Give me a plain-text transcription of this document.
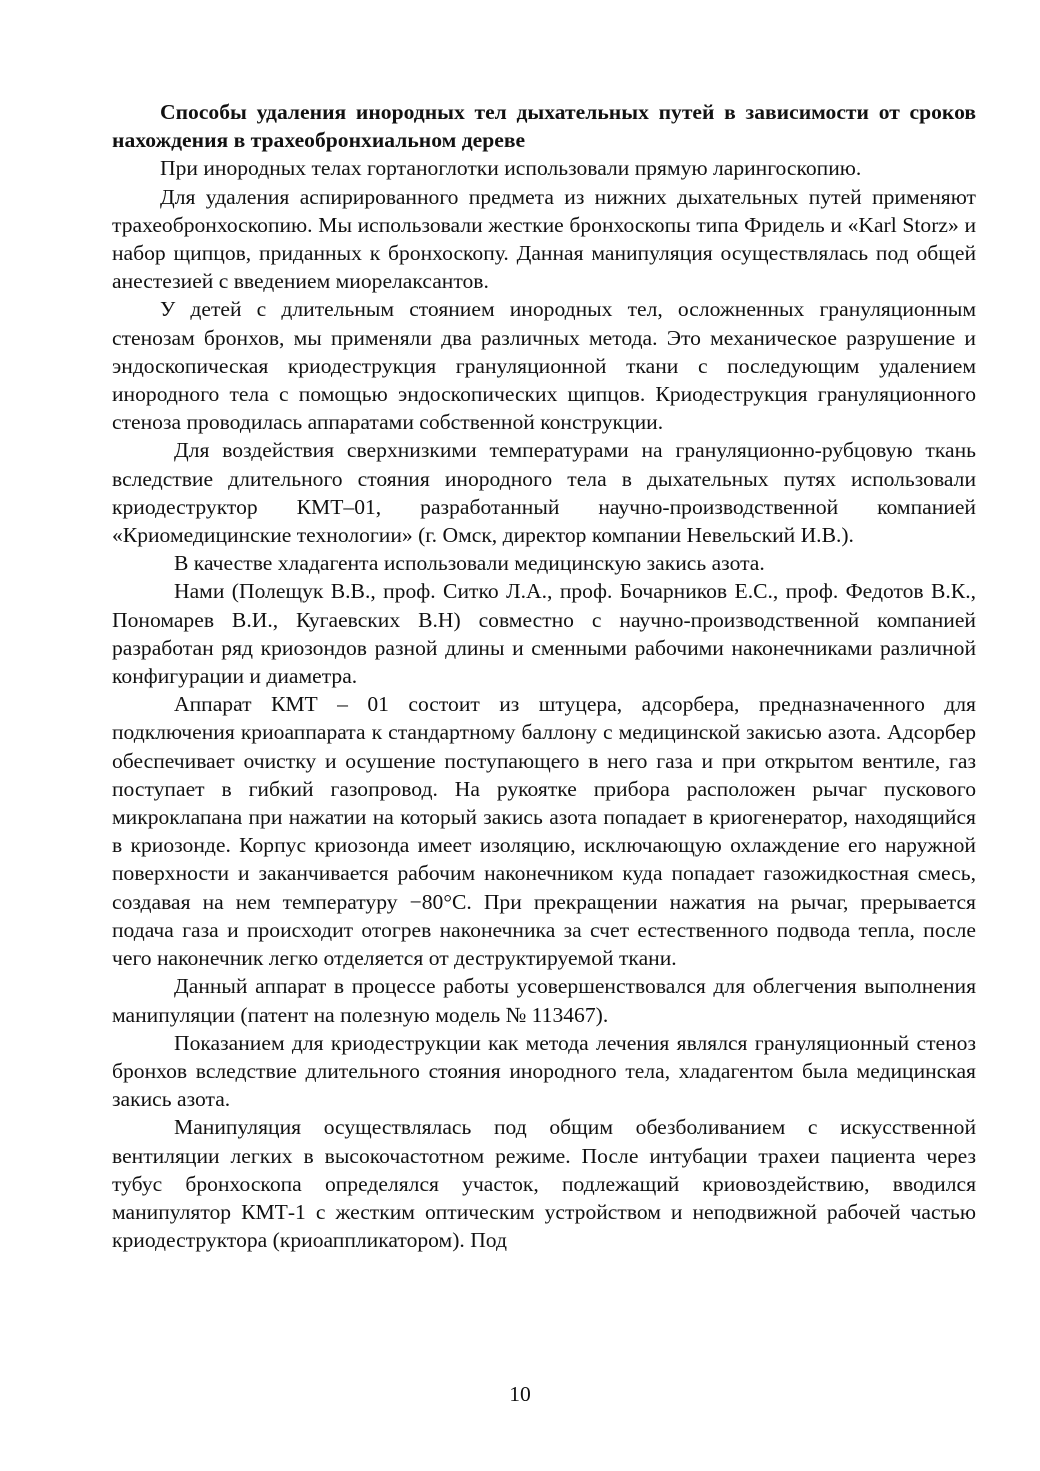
Способы удаления инородных тел дыхательных путей в зависимости от сроков нахождения в трахеобронхиальном дереве

При инородных телах гортаноглотки использовали прямую ларингоскопию.

Для удаления аспирированного предмета из нижних дыхательных путей применяют трахеобронхоскопию. Мы использовали жесткие бронхоскопы типа Фридель и «Karl Storz» и набор щипцов, приданных к бронхоскопу. Данная манипуляция осуществлялась под общей анестезией с введением миорелаксантов.

У детей с длительным стоянием инородных тел, осложненных грануляционным стенозам бронхов, мы применяли два различных метода. Это механическое разрушение и эндоскопическая криодеструкция грануляционной ткани с последующим удалением инородного тела с помощью эндоскопических щипцов. Криодеструкция грануляционного стеноза проводилась аппаратами собственной конструкции.

Для воздействия сверхнизкими температурами на грануляционно-рубцовую ткань вследствие длительного стояния инородного тела в дыхательных путях использовали криодеструктор КМТ–01, разработанный научно-производственной компанией «Криомедицинские технологии» (г. Омск, директор компании Невельский И.В.).

В качестве хладагента использовали медицинскую закись азота.

Нами (Полещук В.В., проф. Ситко Л.А., проф. Бочарников Е.С., проф. Федотов В.К., Пономарев В.И., Кугаевских В.Н) совместно с научно-производственной компанией разработан ряд криозондов разной длины и сменными рабочими наконечниками различной конфигурации и диаметра.

Аппарат КМТ – 01 состоит из штуцера, адсорбера, предназначенного для подключения криоаппарата к стандартному баллону с медицинской закисью азота. Адсорбер обеспечивает очистку и осушение поступающего в него газа и при открытом вентиле, газ поступает в гибкий газопровод. На рукоятке прибора расположен рычаг пускового микроклапана при нажатии на который закись азота попадает в криогенератор, находящийся в криозонде. Корпус криозонда имеет изоляцию, исключающую охлаждение его наружной поверхности и заканчивается рабочим наконечником куда попадает газожидкостная смесь, создавая на нем температуру −80°С. При прекращении нажатия на рычаг, прерывается подача газа и происходит отогрев наконечника за счет естественного подвода тепла, после чего наконечник легко отделяется от деструктируемой ткани.

Данный аппарат в процессе работы усовершенствовался для облегчения выполнения манипуляции (патент на полезную модель № 113467).

Показанием для криодеструкции как метода лечения являлся грануляционный стеноз бронхов вследствие длительного стояния инородного тела, хладагентом была медицинская закись азота.

Манипуляция осуществлялась под общим обезболиванием с искусственной вентиляции легких в высокочастотном режиме. После интубации трахеи пациента через тубус бронхоскопа определялся участок, подлежащий криовоздействию, вводился манипулятор КМТ-1 с жестким оптическим устройством и неподвижной рабочей частью криодеструктора (криоаппликатором). Под

10
